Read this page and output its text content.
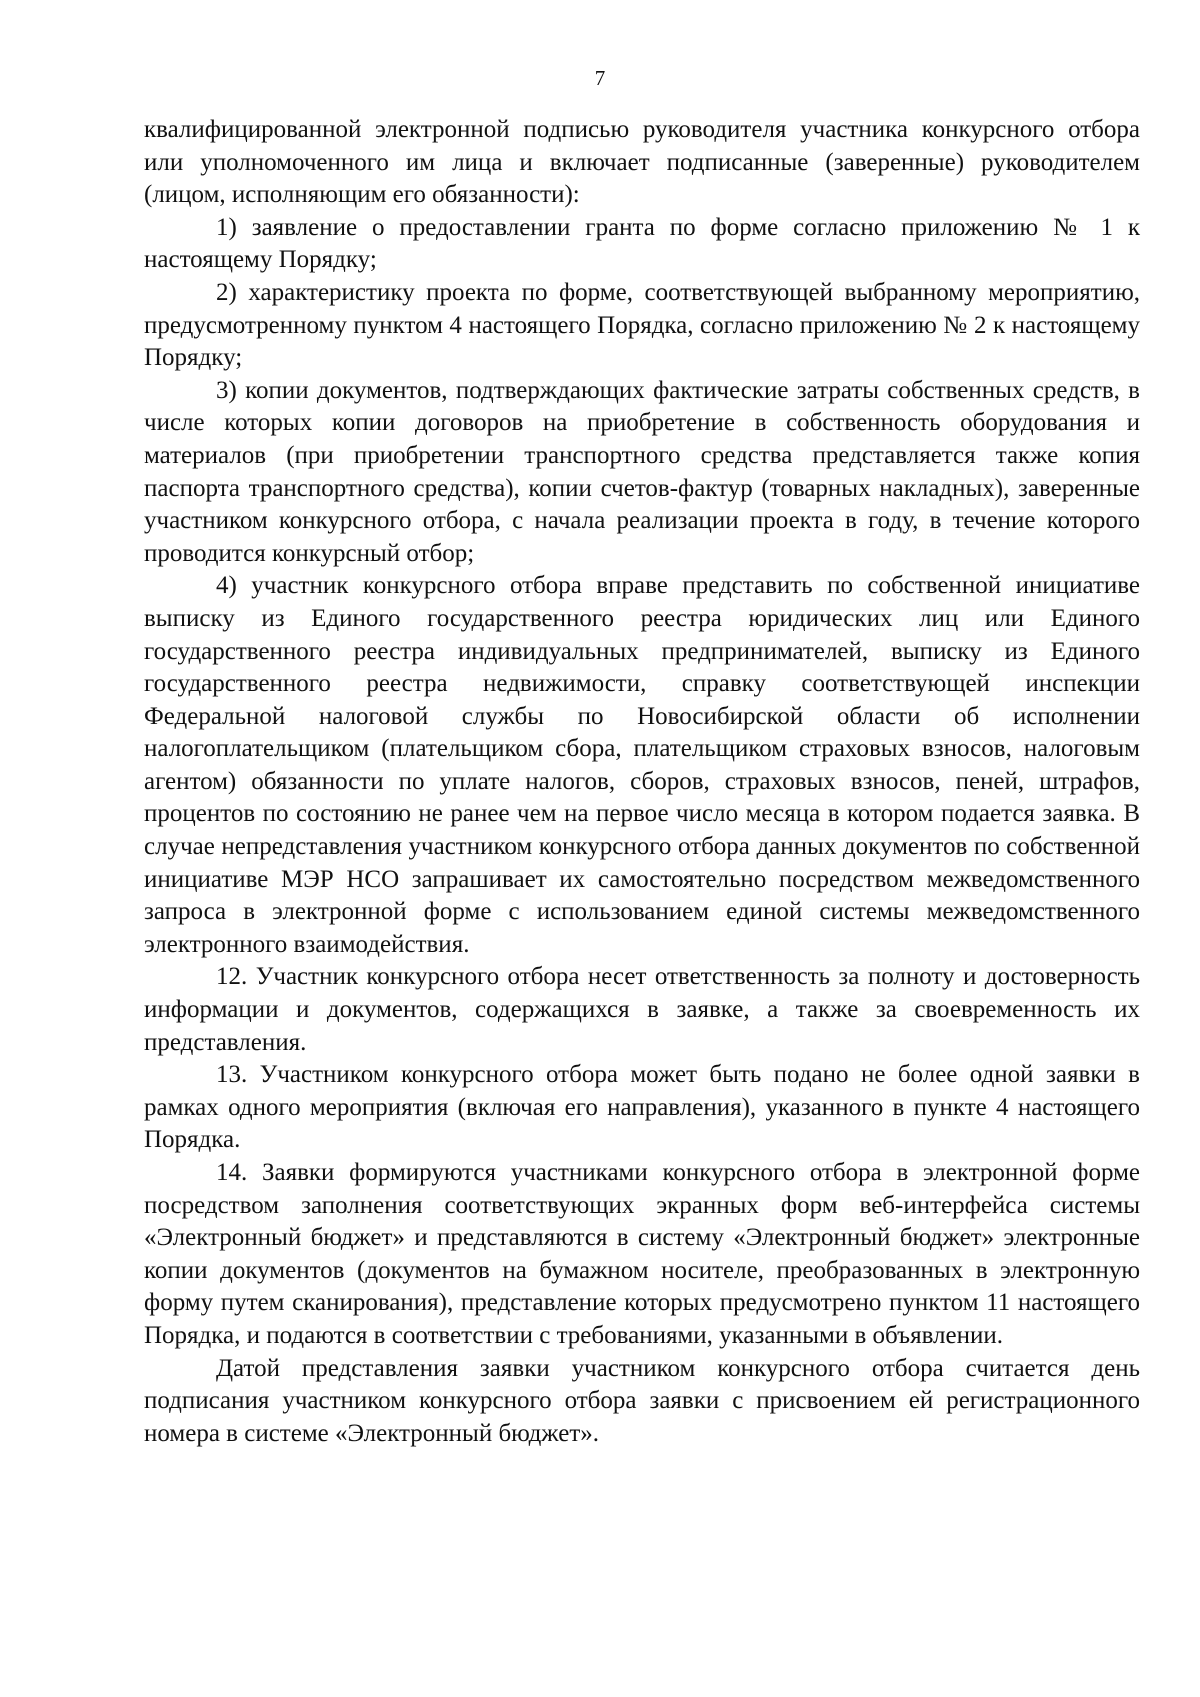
7

квалифицированной электронной подписью руководителя участника конкурсного отбора или уполномоченного им лица и включает подписанные (заверенные) руководителем (лицом, исполняющим его обязанности):

1) заявление о предоставлении гранта по форме согласно приложению № 1 к настоящему Порядку;

2) характеристику проекта по форме, соответствующей выбранному мероприятию, предусмотренному пунктом 4 настоящего Порядка, согласно приложению № 2 к настоящему Порядку;

3) копии документов, подтверждающих фактические затраты собственных средств, в числе которых копии договоров на приобретение в собственность оборудования и материалов (при приобретении транспортного средства представляется также копия паспорта транспортного средства), копии счетов-фактур (товарных накладных), заверенные участником конкурсного отбора, с начала реализации проекта в году, в течение которого проводится конкурсный отбор;

4) участник конкурсного отбора вправе представить по собственной инициативе выписку из Единого государственного реестра юридических лиц или Единого государственного реестра индивидуальных предпринимателей, выписку из Единого государственного реестра недвижимости, справку соответствующей инспекции Федеральной налоговой службы по Новосибирской области об исполнении налогоплательщиком (плательщиком сбора, плательщиком страховых взносов, налоговым агентом) обязанности по уплате налогов, сборов, страховых взносов, пеней, штрафов, процентов по состоянию не ранее чем на первое число месяца в котором подается заявка. В случае непредставления участником конкурсного отбора данных документов по собственной инициативе МЭР НСО запрашивает их самостоятельно посредством межведомственного запроса в электронной форме с использованием единой системы межведомственного электронного взаимодействия.

12. Участник конкурсного отбора несет ответственность за полноту и достоверность информации и документов, содержащихся в заявке, а также за своевременность их представления.

13. Участником конкурсного отбора может быть подано не более одной заявки в рамках одного мероприятия (включая его направления), указанного в пункте 4 настоящего Порядка.

14. Заявки формируются участниками конкурсного отбора в электронной форме посредством заполнения соответствующих экранных форм веб-интерфейса системы «Электронный бюджет» и представляются в систему «Электронный бюджет» электронные копии документов (документов на бумажном носителе, преобразованных в электронную форму путем сканирования), представление которых предусмотрено пунктом 11 настоящего Порядка, и подаются в соответствии с требованиями, указанными в объявлении.

Датой представления заявки участником конкурсного отбора считается день подписания участником конкурсного отбора заявки с присвоением ей регистрационного номера в системе «Электронный бюджет».
